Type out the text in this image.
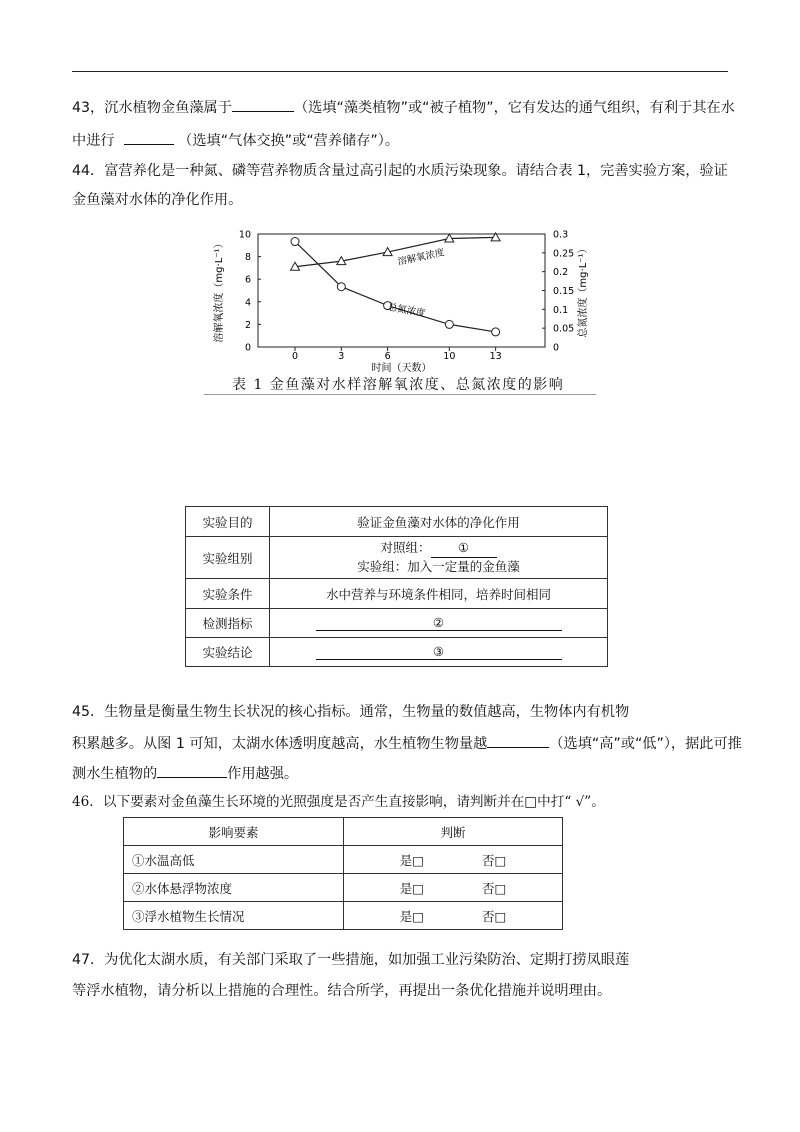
43，沉水植物金鱼藻属于	（选填“藻类植物”或“被子植物”，它有发达的通气组织，有利于其在水
中进行	（选填“气体交换”或“营养储存”）。
44．富营养化是一种氮、磷等营养物质含量过高引起的水质污染现象。请结合表 1，完善实验方案，验证
金鱼藻对水体的净化作用。
0
2
4
6
8
10
0
0.05
0.1
0.15
0.2
0.25
0.3
0	3	6	10	13
时间（天数）
溶解氧浓度（mg·L⁻¹）	总氮浓度（mg·L⁻¹）
溶解氧浓度
总氮浓度
表 1 金鱼藻对水样溶解氧浓度、总氮浓度的影响
实验目的	验证金鱼藻对水体的净化作用
实验组别	对照组： ①
实验组：加入一定量的金鱼藻

实验条件	水中营养与环境条件相同，培养时间相同
检测指标	②
实验结论	③
45．生物量是衡量生物生长状况的核心指标。通常，生物量的数值越高，生物体内有机物
积累越多。从图 1 可知，太湖水体透明度越高，水生植物生物量越	（选填“高”或“低”），据此可推
测水生植物的	作用越强。
46．以下要素对金鱼藻生长环境的光照强度是否产生直接影响，请判断并在□中打“ √”。
影响要素	判断
①水温高低	是□ 否□
②水体悬浮物浓度	是□ 否□
③浮水植物生长情况	是□ 否□
47．为优化太湖水质，有关部门采取了一些措施，如加强工业污染防治、定期打捞凤眼莲
等浮水植物，请分析以上措施的合理性。结合所学，再提出一条优化措施并说明理由。
